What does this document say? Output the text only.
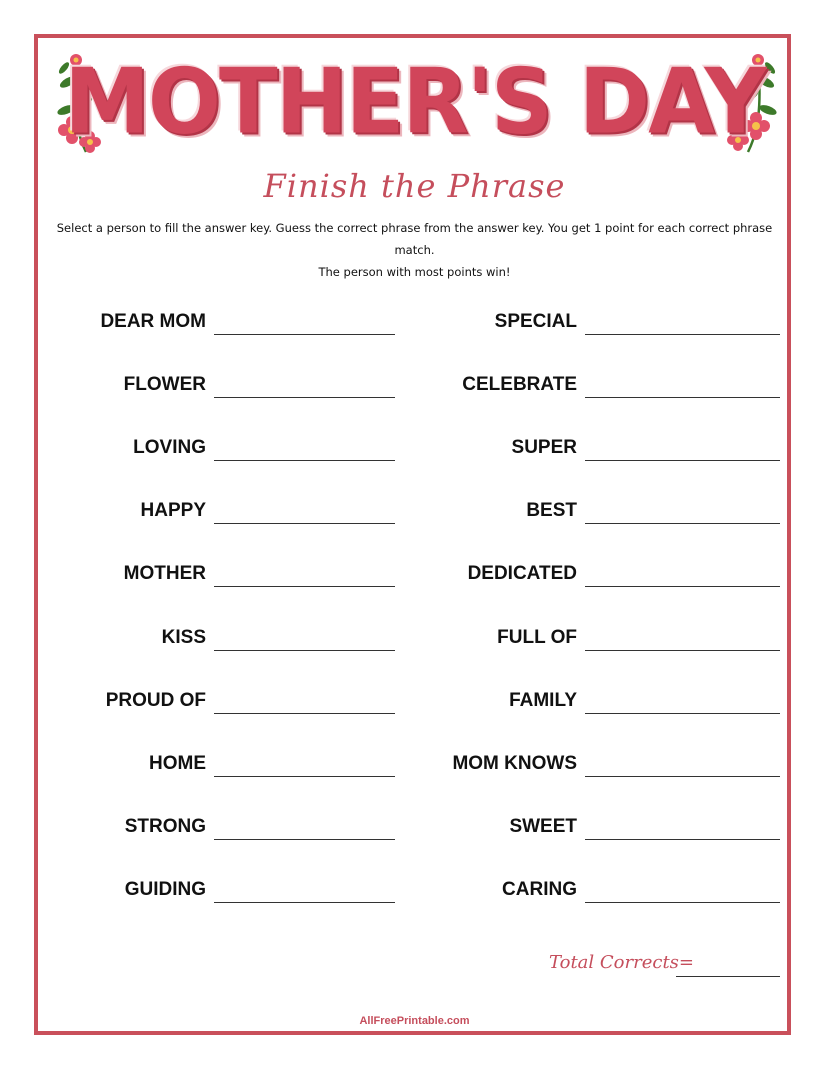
MOTHER'S DAY
Finish the Phrase
Select a person to fill the answer key. Guess the correct phrase from the answer key. You get 1 point for each correct phrase match.
The person with most points win!
DEAR MOM
FLOWER
LOVING
HAPPY
MOTHER
KISS
PROUD OF
HOME
STRONG
GUIDING
SPECIAL
CELEBRATE
SUPER
BEST
DEDICATED
FULL OF
FAMILY
MOM KNOWS
SWEET
CARING
Total Corrects=
AllFreePrintable.com
